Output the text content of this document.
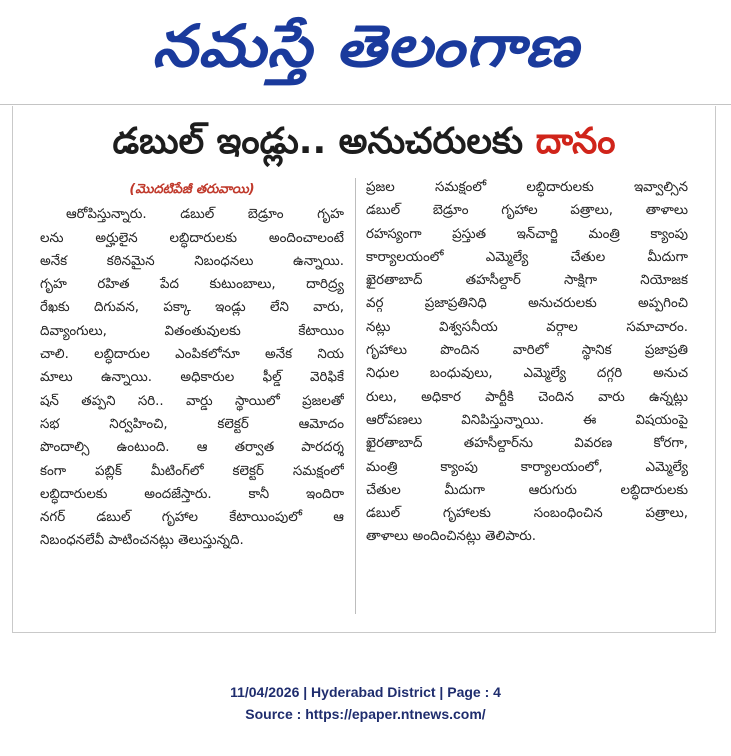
నమస్తే తెలంగాణ
డబుల్ ఇండ్లు.. అనుచరులకు దానం
(మొదటిపేజీ తరువాయి)
ఆరోపిస్తున్నారు. డబుల్ బెడ్రూం గృహ
లను అర్హులైన లబ్ధిదారులకు అందించాలంటే
అనేక కఠినమైన నిబంధనలు ఉన్నాయి.
గృహ రహిత పేద కుటుంబాలు, దారిద్ర్య
రేఖకు దిగువన, పక్కా ఇండ్లు లేని వారు,
దివ్యాంగులు, వితంతువులకు కేటాయిం
చాలి. లబ్ధిదారుల ఎంపికలోనూ అనేక నియ
మాలు ఉన్నాయి. అధికారుల ఫీల్డ్ వెరిఫికే
షన్ తప్పని సరి.. వార్డు స్థాయిలో ప్రజలతో
సభ నిర్వహించి, కలెక్టర్ ఆమోదం
పొందాల్సి ఉంటుంది. ఆ తర్వాత పారదర్శ
కంగా పబ్లిక్ మీటింగ్‌లో కలెక్టర్ సమక్షంలో
లబ్ధిదారులకు అందజేస్తారు. కానీ ఇందిరా
నగర్ డబుల్ గృహాల కేటాయింపులో ఆ
నిబంధనలేవీ పాటించనట్లు తెలుస్తున్నది.
ప్రజల సమక్షంలో లబ్ధిదారులకు ఇవ్వాల్సిన
డబుల్ బెడ్రూం గృహాల పత్రాలు, తాళాలు
రహస్యంగా ప్రస్తుత ఇన్‌చార్జి మంత్రి క్యాంపు
కార్యాలయంలో ఎమ్మెల్యే చేతుల మీదుగా
ఖైరతాబాద్ తహసీల్దార్ సాక్షిగా నియోజక
వర్గ ప్రజాప్రతినిధి అనుచరులకు అప్పగించి
నట్లు విశ్వసనీయ వర్గాల సమాచారం.
గృహాలు పొందిన వారిలో స్థానిక ప్రజాప్రతి
నిధుల బంధువులు, ఎమ్మెల్యే దగ్గరి అనుచ
రులు, అధికార పార్టీకి చెందిన వారు ఉన్నట్లు
ఆరోపణలు వినిపిస్తున్నాయి. ఈ విషయంపై
ఖైరతాబాద్ తహసీల్దార్‌ను వివరణ కోరగా,
మంత్రి క్యాంపు కార్యాలయంలో, ఎమ్మెల్యే
చేతుల మీదుగా ఆరుగురు లబ్ధిదారులకు
డబుల్ గృహాలకు సంబంధించిన పత్రాలు,
తాళాలు అందించినట్లు తెలిపారు.
11/04/2026 | Hyderabad District | Page : 4
Source : https://epaper.ntnews.com/
